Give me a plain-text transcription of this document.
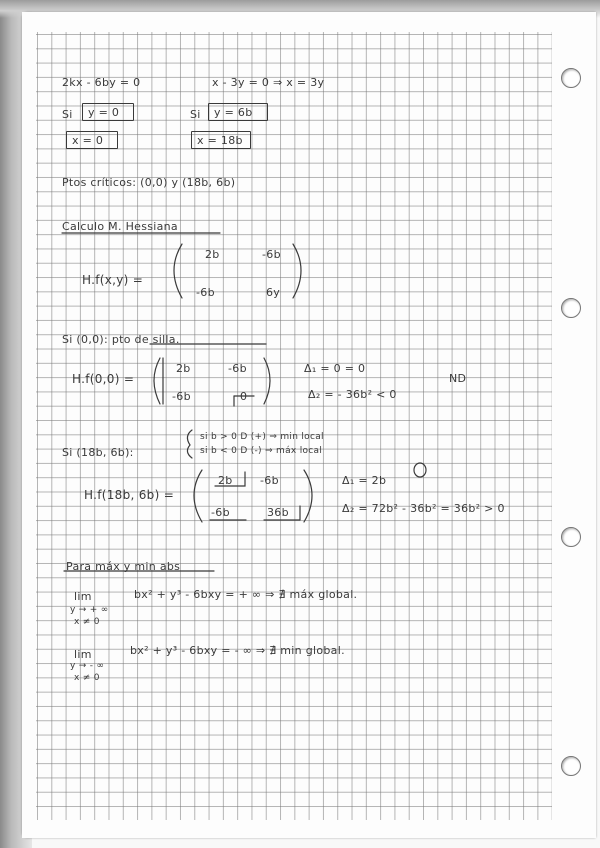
2kx - 6by = 0	x - 3y = 0 ⇒ x = 3y
Si y = 0	Si y = 6b
x = 0	x = 18b
Ptos críticos: (0,0) y (18b, 6b)
Calculo M. Hessiana
H.f(x,y) =
2b	-6b
-6b	6y
Si (0,0): pto de silla.
H.f(0,0) =
2b	-6b
-6b	0
Δ₁ = 0 = 0
Δ₂ = - 36b² < 0
ND
Si (18b, 6b):
si b > 0 D (+) ⇒ min local
si b < 0 D (-) ⇒ máx local
H.f(18b, 6b) =
2b -6b
-6b	36b
Δ₁ = 2b
Δ₂ = 72b² - 36b² = 36b² > 0
Para máx y min abs
lim	bx² + y³ - 6bxy = + ∞ ⇒ ∄ máx global.
y → + ∞
x ≠ 0
lim	bx² + y³ - 6bxy = - ∞ ⇒ ∄ min global.
y → - ∞
x ≠ 0
